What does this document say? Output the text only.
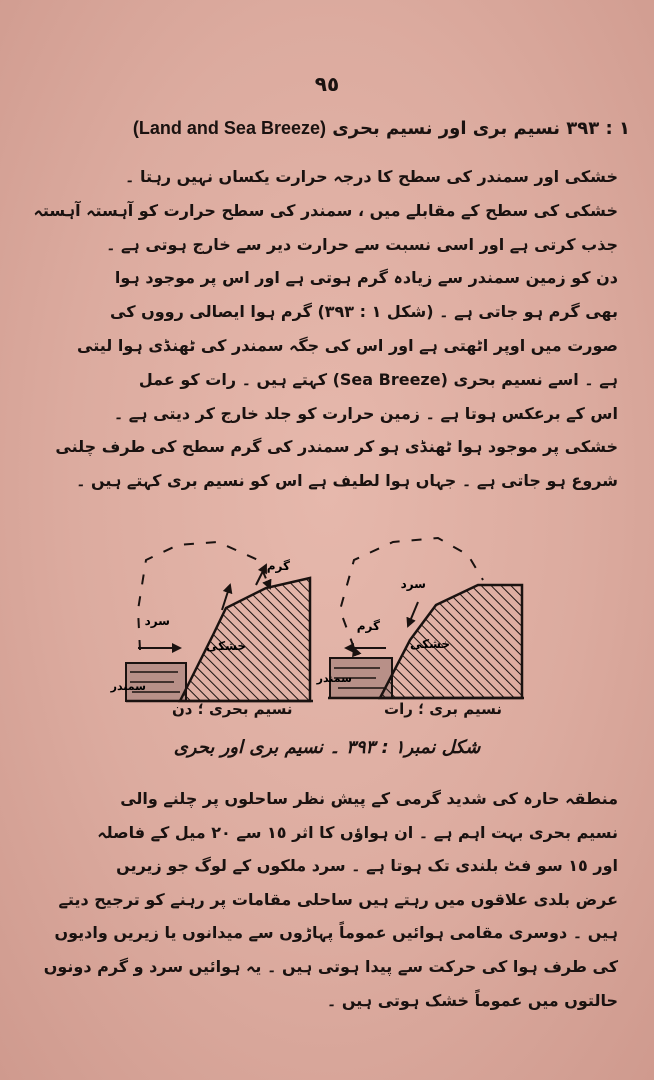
٩٥
١ : ٣٩٣ نسیم بری اور نسیم بحری (Land and Sea Breeze)
خشکی اور سمندر کی سطح کا درجہ حرارت یکساں نہیں رہتا ۔
خشکی کی سطح کے مقابلے میں ، سمندر کی سطح حرارت کو آہستہ آہستہ
جذب کرتی ہے اور اسی نسبت سے حرارت دیر سے خارج ہوتی ہے ۔
دن کو زمین سمندر سے زیادہ گرم ہوتی ہے اور اس پر موجود ہوا
بھی گرم ہو جاتی ہے ۔ (شکل ١ : ٣٩٣) گرم ہوا ایصالی رووں کی
صورت میں اوپر اٹھتی ہے اور اس کی جگہ سمندر کی ٹھنڈی ہوا لیتی
ہے ۔ اسے نسیم بحری (Sea Breeze) کہتے ہیں ۔ رات کو عمل
اس کے برعکس ہوتا ہے ۔ زمین حرارت کو جلد خارج کر دیتی ہے ۔
خشکی پر موجود ہوا ٹھنڈی ہو کر سمندر کی گرم سطح کی طرف چلنی
شروع ہو جاتی ہے ۔ جہاں ہوا لطیف ہے اس کو نسیم بری کہتے ہیں ۔
سرد
گرم
خشکی
سمندر
گرم
سرد
خشکی
سمندر
نسیم بحری ؛ دن	نسیم بری ؛ رات
شکل نمبر١ : ٣٩٣ ۔ نسیم بری اور بحری
منطقہ حارہ کی شدید گرمی کے پیش نظر ساحلوں پر چلنے والی
نسیم بحری بہت اہم ہے ۔ ان ہواؤں کا اثر ١٥ سے ٢٠ میل کے فاصلہ
اور ١٥ سو فٹ بلندی تک ہوتا ہے ۔ سرد ملکوں کے لوگ جو زیریں
عرض بلدی علاقوں میں رہتے ہیں ساحلی مقامات پر رہنے کو ترجیح دیتے
ہیں ۔ دوسری مقامی ہوائیں عموماً پہاڑوں سے میدانوں یا زیریں وادیوں
کی طرف ہوا کی حرکت سے پیدا ہوتی ہیں ۔ یہ ہوائیں سرد و گرم دونوں
حالتوں میں عموماً خشک ہوتی ہیں ۔
